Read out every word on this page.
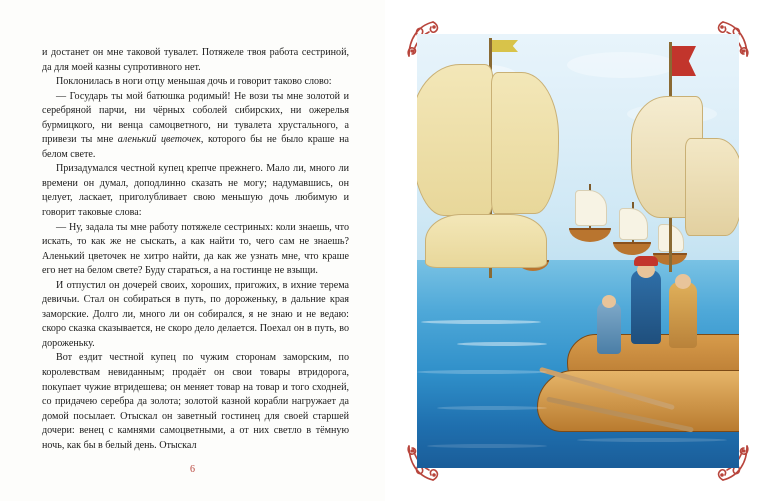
и достанет он мне таковой тувалет. Потяжеле твоя работа сестриной, да для моей казны супротивного нет.

Поклонилась в ноги отцу меньшая дочь и говорит таково слово:

— Государь ты мой батюшка родимый! Не вози ты мне золотой и серебряной парчи, ни чёрных соболей сибирских, ни ожерелья бурмицкого, ни венца самоцветного, ни тувалета хрустального, а привези ты мне аленький цветочек, которого бы не было краше на белом свете.

Призадумался честной купец крепче прежнего. Мало ли, много ли времени он думал, доподлинно сказать не могу; надумавшись, он целует, ласкает, приголубливает свою меньшую дочь любимую и говорит таковые слова:

— Ну, задала ты мне работу потяжеле сестриных: коли знаешь, что искать, то как же не сыскать, а как найти то, чего сам не знаешь? Аленький цветочек не хитро найти, да как же узнать мне, что краше его нет на белом свете? Буду стараться, а на гостинце не взыщи.

И отпустил он дочерей своих, хороших, пригожих, в ихние терема девичьи. Стал он собираться в путь, по дороженьку, в дальние края заморские. Долго ли, много ли он собирался, я не знаю и не ведаю: скоро сказка сказывается, не скоро дело делается. Поехал он в путь, во дороженьку.

Вот ездит честной купец по чужим сторонам заморским, по королевствам невиданным; продаёт он свои товары втридорога, покупает чужие втридешева; он меняет товар на товар и того сходней, со придачею серебра да золота; золотой казной корабли нагружает да домой посылает. Отыскал он заветный гостинец для своей старшей дочери: венец с камнями самоцветными, а от них светло в тёмную ночь, как бы в белый день. Отыскал

6
